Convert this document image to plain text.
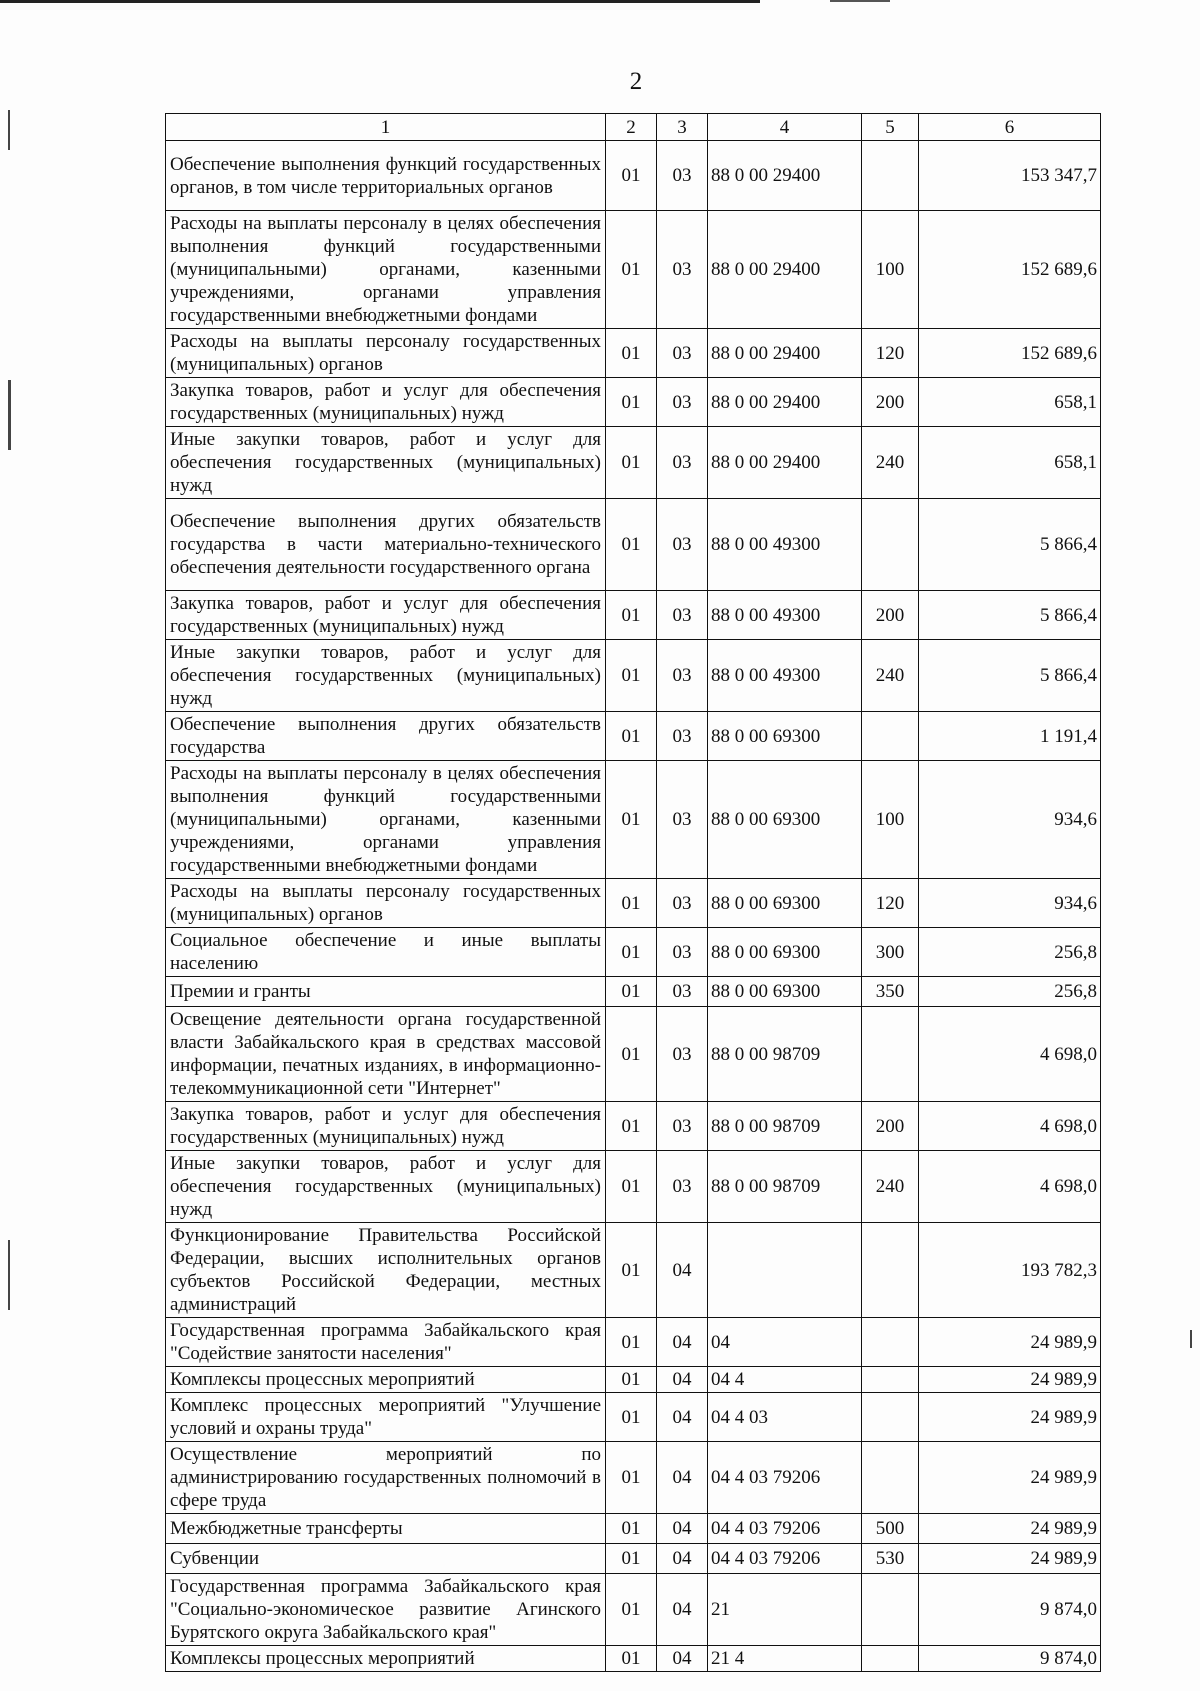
2
1	2	3	4	5	6
Обеспечение выполнения функций государственных органов, в том числе территориальных органов	01	03	88 0 00 29400		153 347,7
Расходы на выплаты персоналу в целях обеспечения выполнения функций государственными (муниципальными) органами, казенными учреждениями, органами управления государственными внебюджетными фондами	01	03	88 0 00 29400	100	152 689,6
Расходы на выплаты персоналу государственных (муниципальных) органов	01	03	88 0 00 29400	120	152 689,6
Закупка товаров, работ и услуг для обеспечения государственных (муниципальных) нужд	01	03	88 0 00 29400	200	658,1
Иные закупки товаров, работ и услуг для обеспечения государственных (муниципальных) нужд	01	03	88 0 00 29400	240	658,1
Обеспечение выполнения других обязательств государства в части материально-технического обеспечения деятельности государственного органа	01	03	88 0 00 49300		5 866,4
Закупка товаров, работ и услуг для обеспечения государственных (муниципальных) нужд	01	03	88 0 00 49300	200	5 866,4
Иные закупки товаров, работ и услуг для обеспечения государственных (муниципальных) нужд	01	03	88 0 00 49300	240	5 866,4
Обеспечение выполнения других обязательств государства	01	03	88 0 00 69300		1 191,4
Расходы на выплаты персоналу в целях обеспечения выполнения функций государственными (муниципальными) органами, казенными учреждениями, органами управления государственными внебюджетными фондами	01	03	88 0 00 69300	100	934,6
Расходы на выплаты персоналу государственных (муниципальных) органов	01	03	88 0 00 69300	120	934,6
Социальное обеспечение и иные выплаты населению	01	03	88 0 00 69300	300	256,8
Премии и гранты	01	03	88 0 00 69300	350	256,8
Освещение деятельности органа государственной власти Забайкальского края в средствах массовой информации, печатных изданиях, в информационно-телекоммуникационной сети "Интернет"	01	03	88 0 00 98709		4 698,0
Закупка товаров, работ и услуг для обеспечения государственных (муниципальных) нужд	01	03	88 0 00 98709	200	4 698,0
Иные закупки товаров, работ и услуг для обеспечения государственных (муниципальных) нужд	01	03	88 0 00 98709	240	4 698,0
Функционирование Правительства Российской Федерации, высших исполнительных органов субъектов Российской Федерации, местных администраций	01	04			193 782,3
Государственная программа Забайкальского края "Содействие занятости населения"	01	04	04		24 989,9
Комплексы процессных мероприятий	01	04	04 4		24 989,9
Комплекс процессных мероприятий "Улучшение условий и охраны труда"	01	04	04 4 03		24 989,9
Осуществление мероприятий по администрированию государственных полномочий в сфере труда	01	04	04 4 03 79206		24 989,9
Межбюджетные трансферты	01	04	04 4 03 79206	500	24 989,9
Субвенции	01	04	04 4 03 79206	530	24 989,9
Государственная программа Забайкальского края "Социально-экономическое развитие Агинского Бурятского округа Забайкальского края"	01	04	21		9 874,0
Комплексы процессных мероприятий	01	04	21 4		9 874,0
